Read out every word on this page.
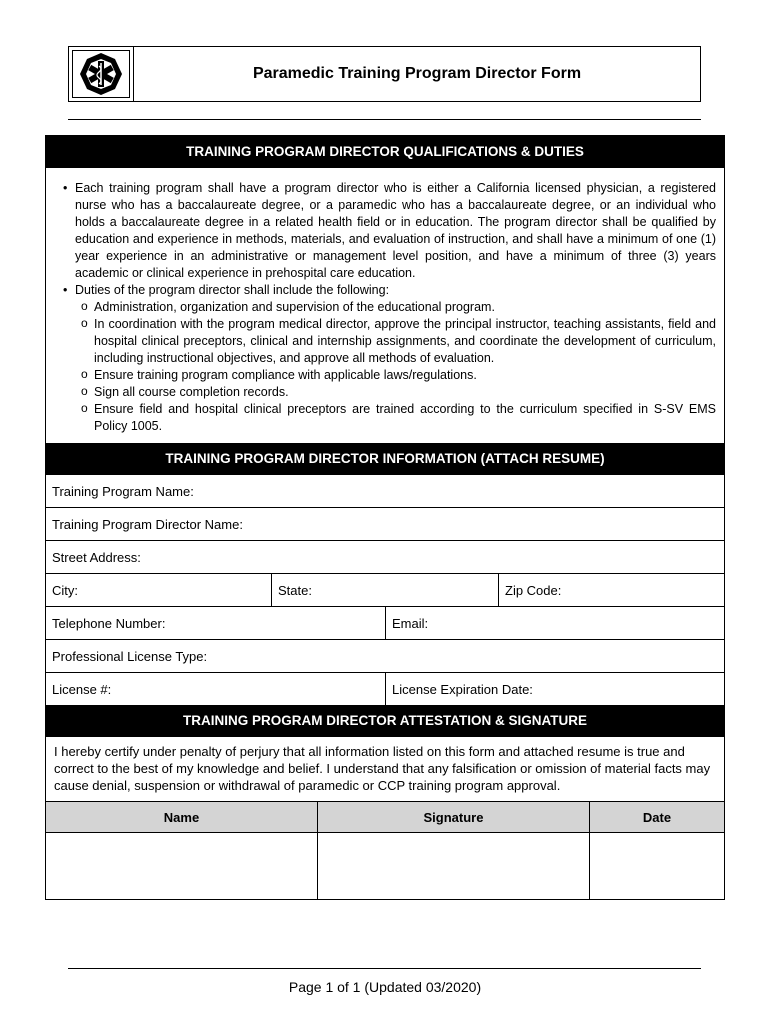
Paramedic Training Program Director Form
TRAINING PROGRAM DIRECTOR QUALIFICATIONS & DUTIES
• Each training program shall have a program director who is either a California licensed physician, a registered nurse who has a baccalaureate degree, or a paramedic who has a baccalaureate degree, or an individual who holds a baccalaureate degree in a related health field or in education. The program director shall be qualified by education and experience in methods, materials, and evaluation of instruction, and shall have a minimum of one (1) year experience in an administrative or management level position, and have a minimum of three (3) years academic or clinical experience in prehospital care education.
• Duties of the program director shall include the following:
o Administration, organization and supervision of the educational program.
o In coordination with the program medical director, approve the principal instructor, teaching assistants, field and hospital clinical preceptors, clinical and internship assignments, and coordinate the development of curriculum, including instructional objectives, and approve all methods of evaluation.
o Ensure training program compliance with applicable laws/regulations.
o Sign all course completion records.
o Ensure field and hospital clinical preceptors are trained according to the curriculum specified in S-SV EMS Policy 1005.
TRAINING PROGRAM DIRECTOR INFORMATION (ATTACH RESUME)
Training Program Name:
Training Program Director Name:
Street Address:
City:	State:	Zip Code:
Telephone Number:	Email:
Professional License Type:
License #:	License Expiration Date:
TRAINING PROGRAM DIRECTOR ATTESTATION & SIGNATURE
I hereby certify under penalty of perjury that all information listed on this form and attached resume is true and correct to the best of my knowledge and belief. I understand that any falsification or omission of material facts may cause denial, suspension or withdrawal of paramedic or CCP training program approval.
Name	Signature	Date
Page 1 of 1 (Updated 03/2020)
